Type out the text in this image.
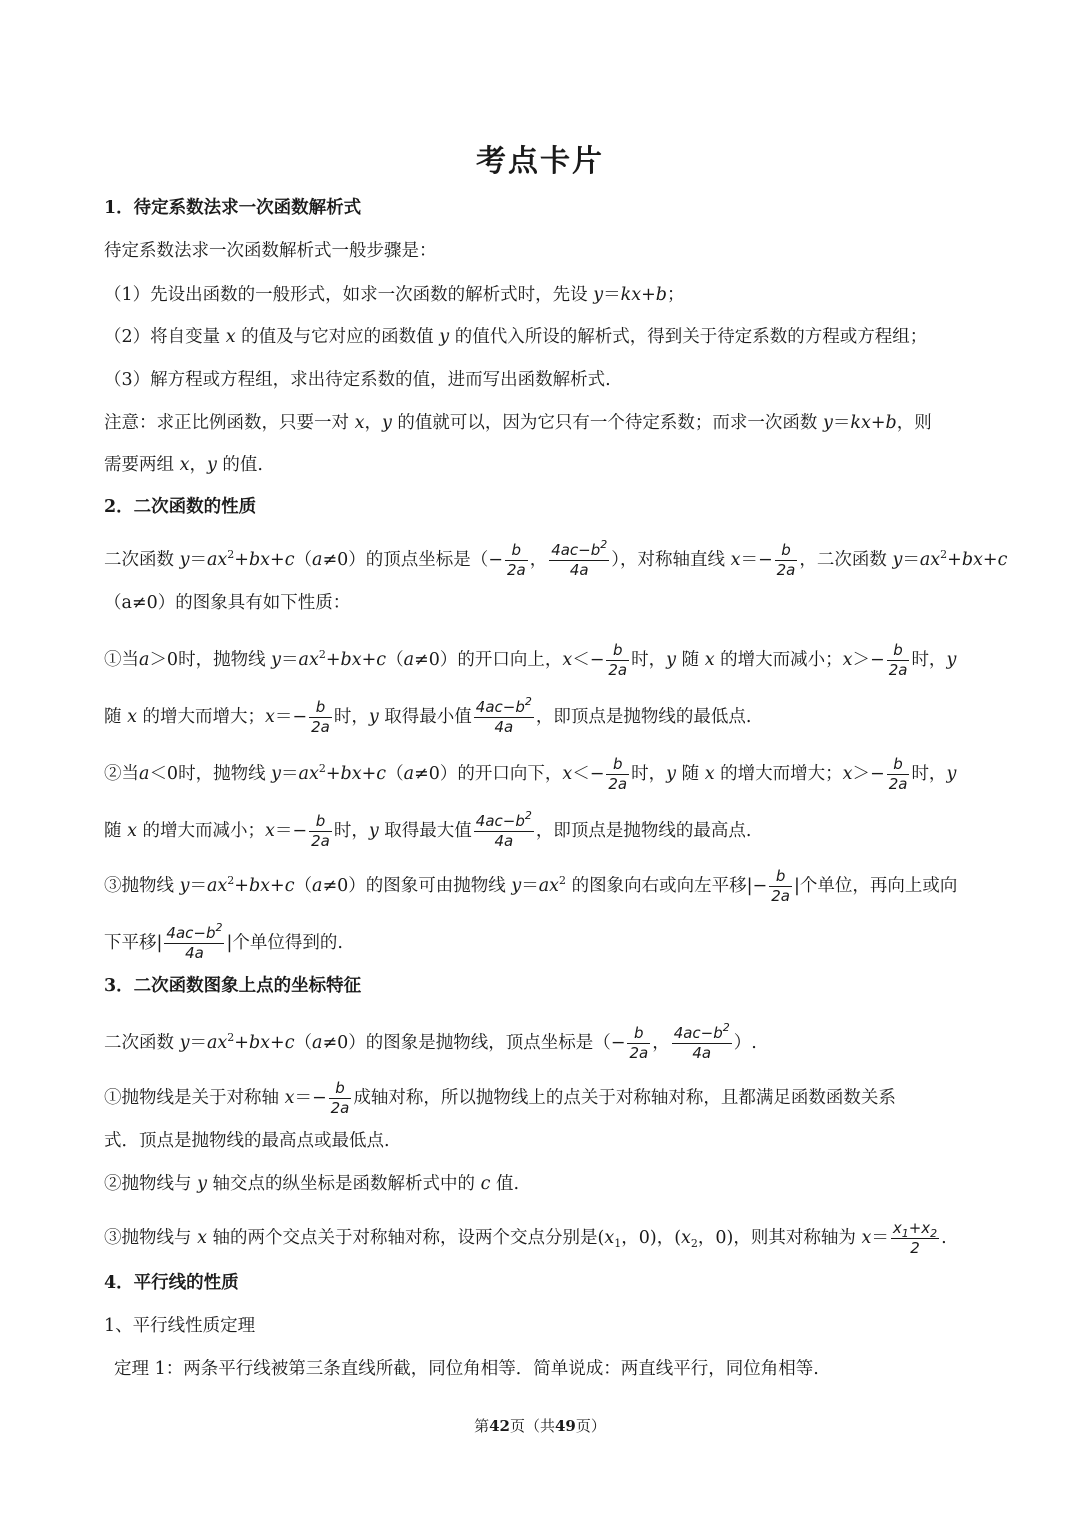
考点卡片
1．待定系数法求一次函数解析式
待定系数法求一次函数解析式一般步骤是：
（1）先设出函数的一般形式，如求一次函数的解析式时，先设 y＝kx+b；
（2）将自变量 x 的值及与它对应的函数值 y 的值代入所设的解析式，得到关于待定系数的方程或方程组；
（3）解方程或方程组，求出待定系数的值，进而写出函数解析式.
注意：求正比例函数，只要一对 x，y 的值就可以，因为它只有一个待定系数；而求一次函数 y＝kx+b，则
需要两组 x，y 的值.
2．二次函数的性质
二次函数 $y=ax^2+bx+c(a\ne 0)$的顶点坐标是（− $\frac{b}{2a}$ ， $\frac{4ac-b^2}{4a}$ ），对称轴直线 $x=- \frac{b}{2a}$ ，二次函数 $y=ax^2+bx+c$
（a≠0）的图象具有如下性质：
①当a＞0时，抛物线 $y=ax^2+bx+c(a\ne 0)$的开口向上，$x<- \frac{b}{2a}$ 时，y 随 x 的增大而减小；$x>- \frac{b}{2a}$ 时，y
随 x 的增大而增大；$x=- \frac{b}{2a}$ 时，y 取得最小值 $\frac{4ac-b^2}{4a}$ ，即顶点是抛物线的最低点.
②当a＜0时，抛物线 $y=ax^2+bx+c(a\ne 0)$的开口向下，$x<- \frac{b}{2a}$ 时，y 随 x 的增大而增大；$x>- \frac{b}{2a}$ 时，y
随 x 的增大而减小；$x=- \frac{b}{2a}$ 时，y 取得最大值 $\frac{4ac-b^2}{4a}$ ，即顶点是抛物线的最高点.
③抛物线 $y=ax^2+bx+c(a\ne 0)$的图象可由抛物线 $y=ax^2$ 的图象向右或向左平移|− $\frac{b}{2a}$ |个单位，再向上或向
下平移| $\frac{4ac-b^2}{4a}$ |个单位得到的.
3．二次函数图象上点的坐标特征
二次函数 $y=ax^2+bx+c(a\ne 0)$的图象是抛物线，顶点坐标是（− $\frac{b}{2a}$ ， $\frac{4ac-b^2}{4a}$ ）.
①抛物线是关于对称轴 $x=- \frac{b}{2a}$ 成轴对称，所以抛物线上的点关于对称轴对称，且都满足函数函数关系
式．顶点是抛物线的最高点或最低点.
②抛物线与 y 轴交点的纵坐标是函数解析式中的 c 值.
③抛物线与 x 轴的两个交点关于对称轴对称，设两个交点分别是($x_1$，0)，($x_2$，0)，则其对称轴为 $x= \frac{x_1+x_2}{2}$ .
4．平行线的性质
1、平行线性质定理
定理 1：两条平行线被第三条直线所截，同位角相等．简单说成：两直线平行，同位角相等.
第42页（共49页）
